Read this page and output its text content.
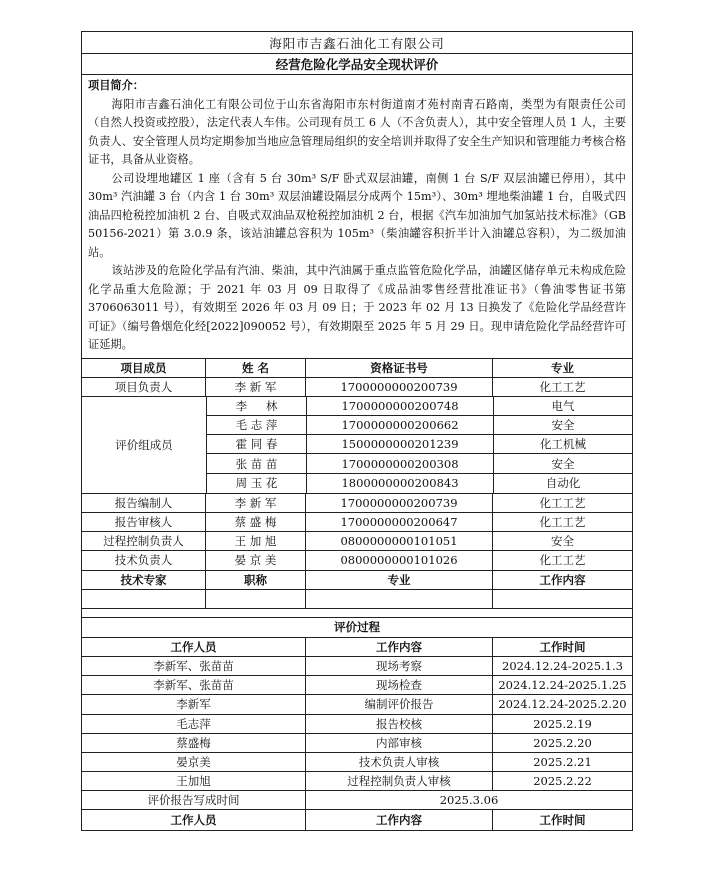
海阳市吉鑫石油化工有限公司
经营危险化学品安全现状评价
项目简介：

海阳市吉鑫石油化工有限公司位于山东省海阳市东村街道南才苑村南青石路南，类型为有限责任公司（自然人投资或控股），法定代表人车伟。公司现有员工 6 人（不含负责人），其中安全管理人员 1 人，主要负责人、安全管理人员均定期参加当地应急管理局组织的安全培训并取得了安全生产知识和管理能力考核合格证书，具备从业资格。

公司设埋地罐区 1 座（含有 5 台 30m³ S/F 卧式双层油罐，南侧 1 台 S/F 双层油罐已停用），其中 30m³ 汽油罐 3 台（内含 1 台 30m³ 双层油罐设隔层分成两个 15m³）、30m³ 埋地柴油罐 1 台，自吸式四油品四枪税控加油机 2 台、自吸式双油品双枪税控加油机 2 台，根据《汽车加油加气加氢站技术标准》（GB 50156-2021）第 3.0.9 条，该站油罐总容积为 105m³（柴油罐容积折半计入油罐总容积），为二级加油站。

该站涉及的危险化学品有汽油、柴油，其中汽油属于重点监管危险化学品，油罐区储存单元未构成危险化学品重大危险源；于 2021 年 03 月 09 日取得了《成品油零售经营批准证书》（鲁油零售证书第 3706063011 号），有效期至 2026 年 03 月 09 日；于 2023 年 02 月 13 日换发了《危险化学品经营许可证》（编号鲁烟危化经[2022]090052 号），有效期限至 2025 年 5 月 29 日。现申请危险化学品经营许可证延期。

项目成员	姓 名	资格证书号	专业
项目负责人	李 新 军	1700000000200739	化工工艺
评价组成员
李 　 林	1700000000200748	电气
毛 志 萍	1700000000200662	安全
霍 同 春	1500000000201239	化工机械
张 苗 苗	1700000000200308	安全
周 玉 花	1800000000200843	自动化
报告编制人	李 新 军	1700000000200739	化工工艺
报告审核人	蔡 盛 梅	1700000000200647	化工工艺
过程控制负责人	王 加 旭	0800000000101051	安全
技术负责人	晏 京 美	0800000000101026	化工工艺
技术专家	职称	专业	工作内容
评价过程
工作人员	工作内容	工作时间
李新军、张苗苗	现场考察	2024.12.24-2025.1.3
李新军、张苗苗	现场检查	2024.12.24-2025.1.25
李新军	编制评价报告	2024.12.24-2025.2.20
毛志萍	报告校核	2025.2.19
蔡盛梅	内部审核	2025.2.20
晏京美	技术负责人审核	2025.2.21
王加旭	过程控制负责人审核	2025.2.22
评价报告写成时间	2025.3.06
工作人员	工作内容	工作时间
